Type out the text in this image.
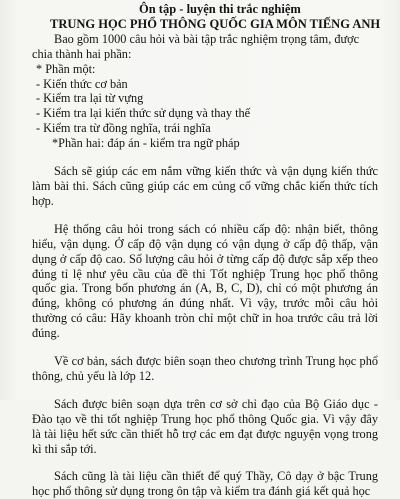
Ôn tập - luyện thi trắc nghiệm
TRUNG HỌC PHỔ THÔNG QUỐC GIA MÔN TIẾNG ANH

Bao gồm 1000 câu hỏi và bài tập trắc nghiệm trọng tâm, được

chia thành hai phần:

* Phần một:
- Kiến thức cơ bản
- Kiểm tra lại từ vựng
- Kiểm tra lại kiến thức sử dụng và thay thế
- Kiểm tra từ đồng nghĩa, trái nghĩa
*Phần hai: đáp án - kiểm tra ngữ pháp

Sách sẽ giúp các em nắm vững kiến thức và vận dụng kiến thức làm bài thi. Sách cũng giúp các em củng cố vững chắc kiến thức tích hợp.

Hệ thống câu hỏi trong sách có nhiều cấp độ: nhận biết, thông hiểu, vận dụng. Ở cấp độ vận dụng có vận dụng ở cấp độ thấp, vận dụng ở cấp độ cao. Số lượng câu hỏi ở từng cấp độ được sắp xếp theo đúng tỉ lệ như yêu cầu của đề thi Tốt nghiệp Trung học phổ thông quốc gia. Trong bốn phương án (A, B, C, D), chỉ có một phương án đúng, không có phương án đúng nhất. Vì vậy, trước mỗi câu hỏi thường có câu: Hãy khoanh tròn chỉ một chữ in hoa trước câu trả lời đúng.

Về cơ bản, sách được biên soạn theo chương trình Trung học phổ thông, chủ yếu là lớp 12.

Sách được biên soạn dựa trên cơ sở chỉ đạo của Bộ Giáo dục - Đào tạo về thi tốt nghiệp Trung học phổ thông Quốc gia. Vì vậy đây là tài liệu hết sức cần thiết hỗ trợ các em đạt được nguyện vọng trong kì thi sắp tới.

Sách cũng là tài liệu cần thiết để quý Thầy, Cô dạy ở bậc Trung học phổ thông sử dụng trong ôn tập và kiểm tra đánh giá kết quả học
